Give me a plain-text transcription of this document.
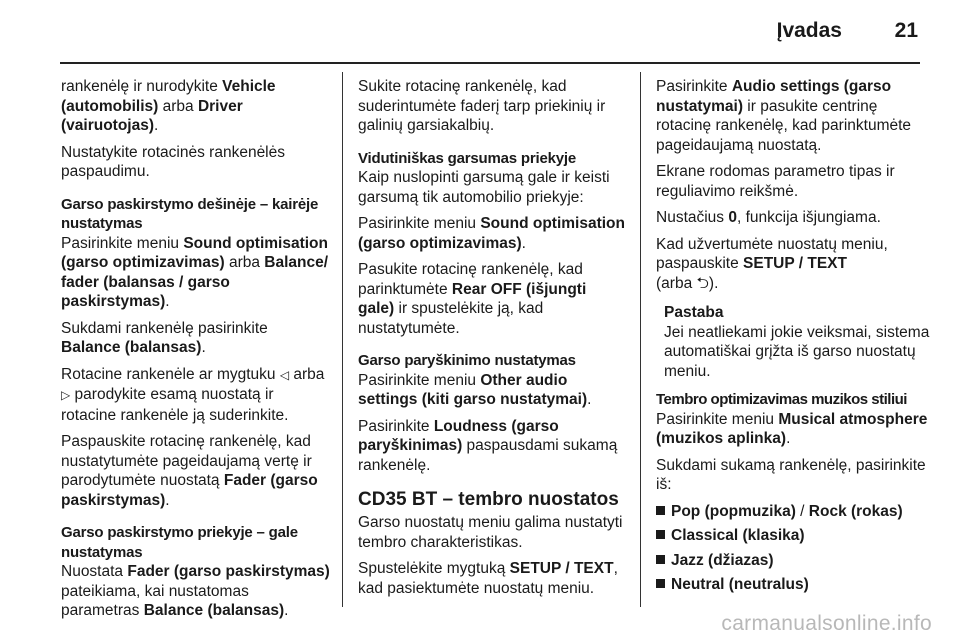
Įvadas	21

rankenėlę ir nurodykite Vehicle (automobilis) arba Driver (vairuotojas).

Nustatykite rotacinės rankenėlės paspaudimu.

Garso paskirstymo dešinėje – kairėje nustatymas

Pasirinkite meniu Sound optimisation (garso optimizavimas) arba Balance/ fader (balansas / garso paskirstymas).

Sukdami rankenėlę pasirinkite Balance (balansas).

Rotacine rankenėle ar mygtuku ◁ arba ▷ parodykite esamą nuostatą ir rotacine rankenėle ją suderinkite.

Paspauskite rotacinę rankenėlę, kad nustatytumėte pageidaujamą vertę ir parodytumėte nuostatą Fader (garso paskirstymas).

Garso paskirstymo priekyje – gale nustatymas

Nuostata Fader (garso paskirstymas) pateikiama, kai nustatomas parametras Balance (balansas).

Sukite rotacinę rankenėlę, kad suderintumėte faderį tarp priekinių ir galinių garsiakalbių.

Vidutiniškas garsumas priekyje

Kaip nuslopinti garsumą gale ir keisti garsumą tik automobilio priekyje:

Pasirinkite meniu Sound optimisation (garso optimizavimas).

Pasukite rotacinę rankenėlę, kad parinktumėte Rear OFF (išjungti gale) ir spustelėkite ją, kad nustatytumėte.

Garso paryškinimo nustatymas

Pasirinkite meniu Other audio settings (kiti garso nustatymai).

Pasirinkite Loudness (garso paryškinimas) paspausdami sukamą rankenėlę.

CD35 BT – tembro nuostatos

Garso nuostatų meniu galima nustatyti tembro charakteristikas.

Spustelėkite mygtuką SETUP / TEXT, kad pasiektumėte nuostatų meniu.

Pasirinkite Audio settings (garso nustatymai) ir pasukite centrinę rotacinę rankenėlę, kad parinktumėte pageidaujamą nuostatą.

Ekrane rodomas parametro tipas ir reguliavimo reikšmė.

Nustačius 0, funkcija išjungiama.

Kad užvertumėte nuostatų meniu, paspauskite SETUP / TEXT
(arba ⮌).

Pastaba
Jei neatliekami jokie veiksmai, sistema automatiškai grįžta iš garso nuostatų meniu.

Tembro optimizavimas muzikos stiliui

Pasirinkite meniu Musical atmosphere (muzikos aplinka).

Sukdami sukamą rankenėlę, pasirinkite iš:

Pop (popmuzika) / Rock (rokas)
Classical (klasika)
Jazz (džiazas)
Neutral (neutralus)
carmanualsonline.info
